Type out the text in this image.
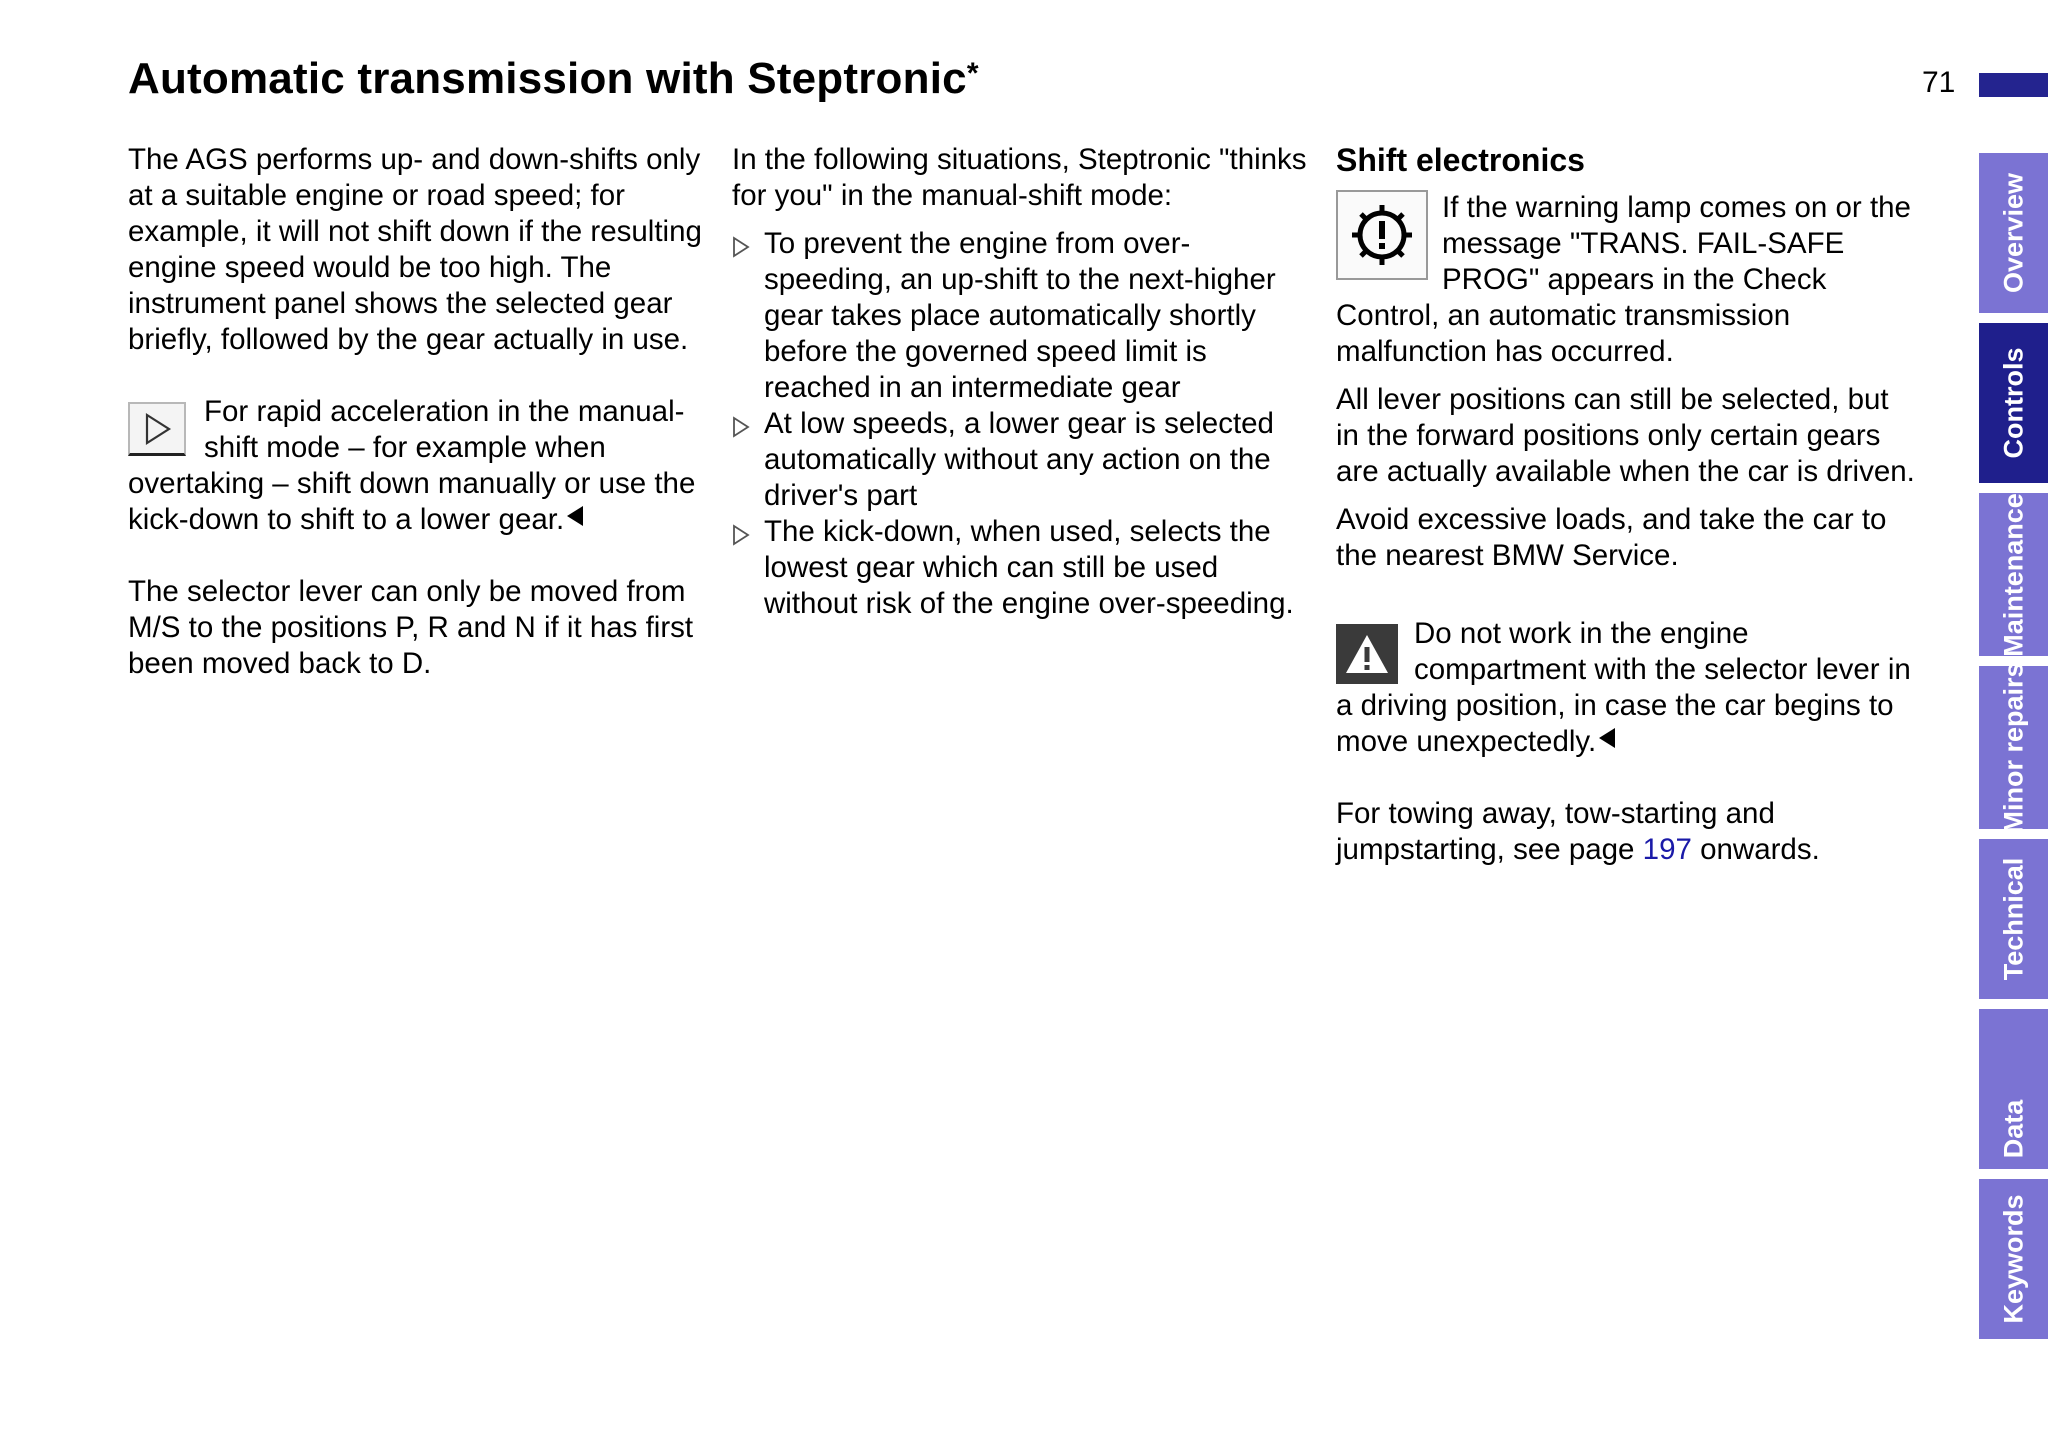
Automatic transmission with Steptronic*	71

The AGS performs up- and down-shifts only at a suitable engine or road speed; for example, it will not shift down if the resulting engine speed would be too high. The instrument panel shows the selected gear briefly, followed by the gear actually in use.

For rapid acceleration in the manual-shift mode – for example when overtaking – shift down manually or use the kick-down to shift to a lower gear.

The selector lever can only be moved from M/S to the positions P, R and N if it has first been moved back to D.

In the following situations, Steptronic "thinks for you" in the manual-shift mode:

To prevent the engine from over-speeding, an up-shift to the next-higher gear takes place automatically shortly before the governed speed limit is reached in an intermediate gear
At low speeds, a lower gear is selected automatically without any action on the driver's part
The kick-down, when used, selects the lowest gear which can still be used without risk of the engine over-speeding.

Shift electronics

If the warning lamp comes on or the message "TRANS. FAIL-SAFE PROG" appears in the Check Control, an automatic transmission malfunction has occurred.

All lever positions can still be selected, but in the forward positions only certain gears are actually available when the car is driven.

Avoid excessive loads, and take the car to the nearest BMW Service.

Do not work in the engine compartment with the selector lever in a driving position, in case the car begins to move unexpectedly.

For towing away, tow-starting and jumpstarting, see page 197 onwards.

Overview
Controls
Maintenance
Minor repairs
Technical
Data
Keywords
